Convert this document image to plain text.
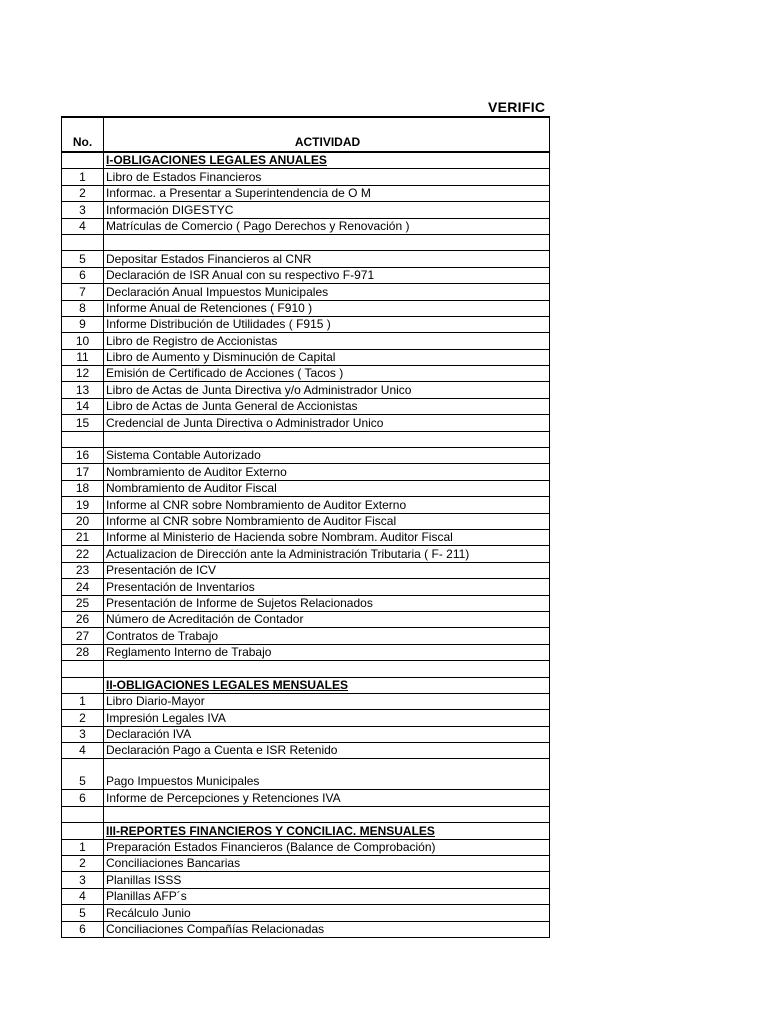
VERIFIC
No.	ACTIVIDAD
	I-OBLIGACIONES LEGALES ANUALES
1	Libro de Estados Financieros
2	Informac. a Presentar a Superintendencia de O M
3	Información DIGESTYC
4	Matrículas de Comercio ( Pago Derechos y Renovación )

5	Depositar Estados Financieros al CNR
6	Declaración de ISR Anual con su respectivo F-971
7	Declaración Anual Impuestos Municipales
8	Informe Anual de Retenciones ( F910 )
9	Informe Distribución de Utilidades ( F915 )
10	Libro de Registro de Accionistas
11	Libro de Aumento y Disminución de Capital
12	Emisión de Certificado de Acciones ( Tacos )
13	Libro de Actas de Junta Directiva y/o Administrador Unico
14	Libro de Actas de Junta General de Accionistas
15	Credencial de Junta Directiva o Administrador Unico

16	Sistema Contable Autorizado
17	Nombramiento de Auditor Externo
18	Nombramiento de Auditor Fiscal
19	Informe al CNR sobre Nombramiento de Auditor Externo
20	Informe al CNR sobre Nombramiento de Auditor Fiscal
21	Informe al Ministerio de Hacienda sobre Nombram. Auditor Fiscal
22	Actualizacion de Dirección ante la Administración Tributaria ( F- 211)
23	Presentación de ICV
24	Presentación de Inventarios
25	Presentación de Informe de Sujetos Relacionados
26	Número de Acreditación de Contador
27	Contratos de Trabajo
28	Reglamento Interno de Trabajo

	II-OBLIGACIONES LEGALES MENSUALES
1	Libro Diario-Mayor
2	Impresión Legales IVA
3	Declaración IVA
4	Declaración Pago a Cuenta e ISR Retenido
5	Pago Impuestos Municipales
6	Informe de Percepciones y Retenciones IVA

	III-REPORTES FINANCIEROS Y CONCILIAC. MENSUALES
1	Preparación Estados Financieros (Balance de Comprobación)
2	Conciliaciones Bancarias
3	Planillas ISSS
4	Planillas AFP´s
5	Recálculo Junio
6	Conciliaciones Compañías Relacionadas
